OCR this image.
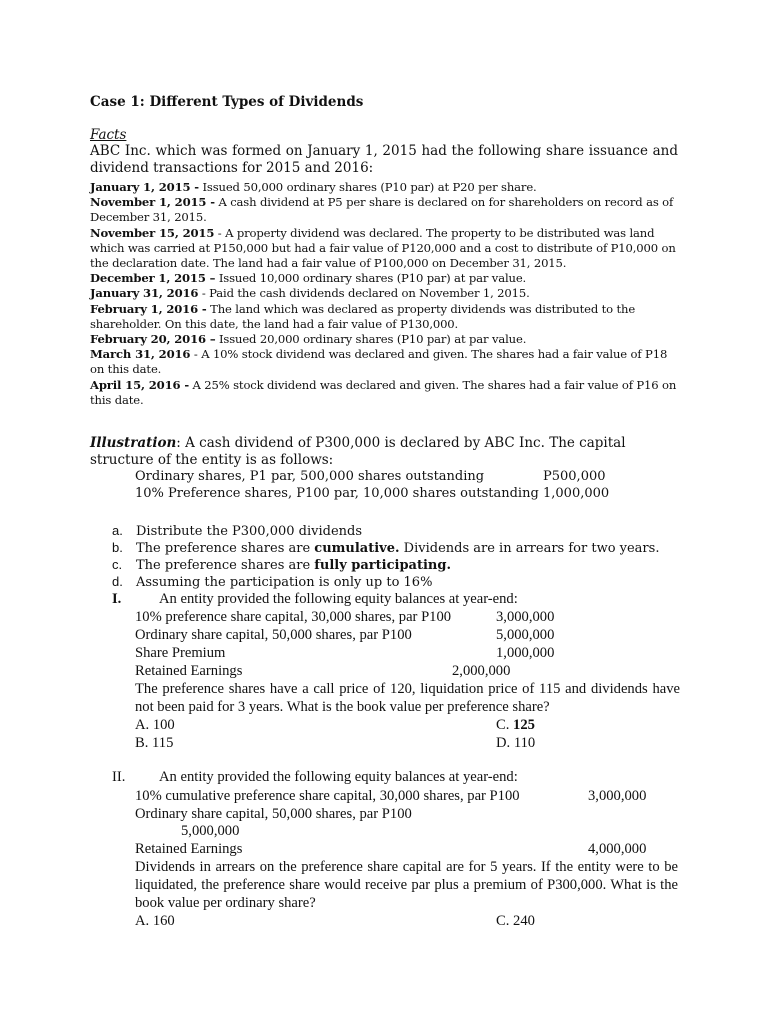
Case 1: Different Types of Dividends
Facts
ABC Inc. which was formed on January 1, 2015 had the following share issuance and dividend transactions for 2015 and 2016:

January 1, 2015 - Issued 50,000 ordinary shares (P10 par) at P20 per share.

November 1, 2015 - A cash dividend at P5 per share is declared on for shareholders on record as of December 31, 2015.

November 15, 2015 - A property dividend was declared. The property to be distributed was land which was carried at P150,000 but had a fair value of P120,000 and a cost to distribute of P10,000 on the declaration date. The land had a fair value of P100,000 on December 31, 2015.

December 1, 2015 – Issued 10,000 ordinary shares (P10 par) at par value.

January 31, 2016 - Paid the cash dividends declared on November 1, 2015.

February 1, 2016 - The land which was declared as property dividends was distributed to the shareholder. On this date, the land had a fair value of P130,000.

February 20, 2016 – Issued 20,000 ordinary shares (P10 par) at par value.

March 31, 2016 - A 10% stock dividend was declared and given. The shares had a fair value of P18 on this date.

April 15, 2016 - A 25% stock dividend was declared and given. The shares had a fair value of P16 on this date.

Illustration: A cash dividend of P300,000 is declared by ABC Inc. The capital structure of the entity is as follows:
Ordinary shares, P1 par, 500,000 shares outstanding	P500,000
10% Preference shares, P100 par, 10,000 shares outstanding 1,000,000
a. Distribute the P300,000 dividends
b. The preference shares are cumulative. Dividends are in arrears for two years.
c. The preference shares are fully participating.
d. Assuming the participation is only up to 16%
I.	An entity provided the following equity balances at year-end:
10% preference share capital, 30,000 shares, par P100	3,000,000
Ordinary share capital, 50,000 shares, par P100	5,000,000
Share Premium	1,000,000
Retained Earnings	2,000,000
The preference shares have a call price of 120, liquidation price of 115 and dividends have not been paid for 3 years. What is the book value per preference share?
A. 100	C. 125
B. 115	D. 110
II. An entity provided the following equity balances at year-end:
10% cumulative preference share capital, 30,000 shares, par P100	3,000,000
Ordinary share capital, 50,000 shares, par P100
5,000,000
Retained Earnings	4,000,000
Dividends in arrears on the preference share capital are for 5 years. If the entity were to be liquidated, the preference share would receive par plus a premium of P300,000. What is the book value per ordinary share?
A. 160	C. 240
